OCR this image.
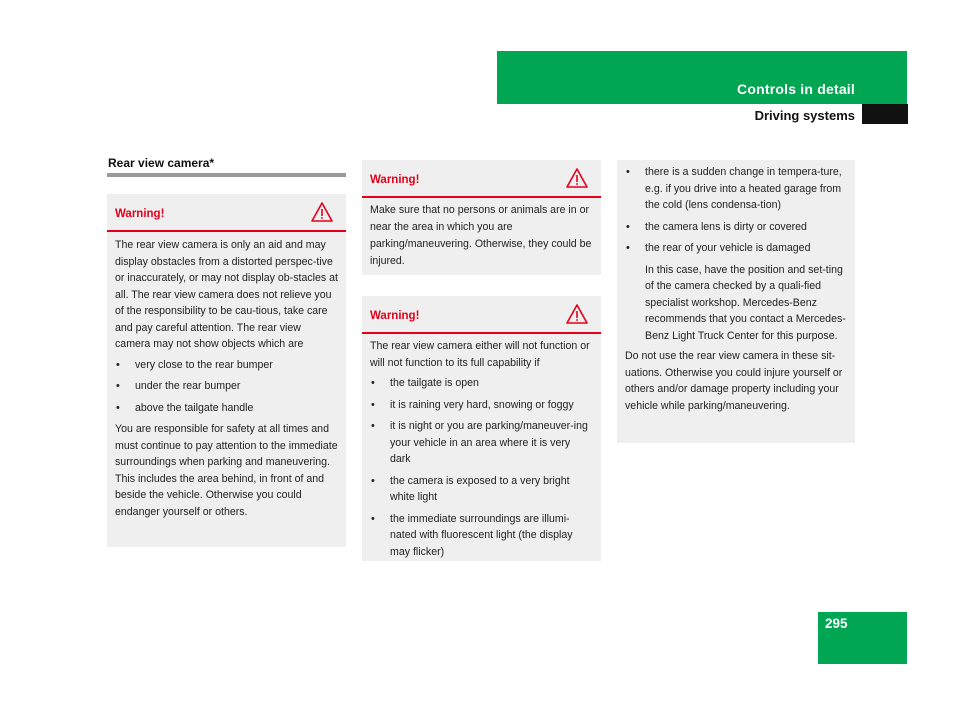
Controls in detail
Driving systems
Rear view camera*
Warning!

The rear view camera is only an aid and may display obstacles from a distorted perspec-tive or inaccurately, or may not display ob-stacles at all. The rear view camera does not relieve you of the responsibility to be cau-tious, take care and pay careful attention. The rear view camera may not show objects which are

• very close to the rear bumper
• under the rear bumper
• above the tailgate handle

You are responsible for safety at all times and must continue to pay attention to the immediate surroundings when parking and maneuvering. This includes the area behind, in front of and beside the vehicle. Otherwise you could endanger yourself or others.

Warning!

Make sure that no persons or animals are in or near the area in which you are parking/maneuvering. Otherwise, they could be injured.

Warning!

The rear view camera either will not function or will not function to its full capability if

• the tailgate is open
• it is raining very hard, snowing or foggy
• it is night or you are parking/maneuver-ing your vehicle in an area where it is very dark
• the camera is exposed to a very bright white light
• the immediate surroundings are illumi-nated with fluorescent light (the display may flicker)
• there is a sudden change in tempera-ture, e.g. if you drive into a heated garage from the cold (lens condensa-tion)
• the camera lens is dirty or covered
• the rear of your vehicle is damaged

In this case, have the position and set-ting of the camera checked by a quali-fied specialist workshop. Mercedes-Benz recommends that you contact a Mercedes-Benz Light Truck Center for this purpose.

Do not use the rear view camera in these sit-uations. Otherwise you could injure yourself or others and/or damage property including your vehicle while parking/maneuvering.

295
